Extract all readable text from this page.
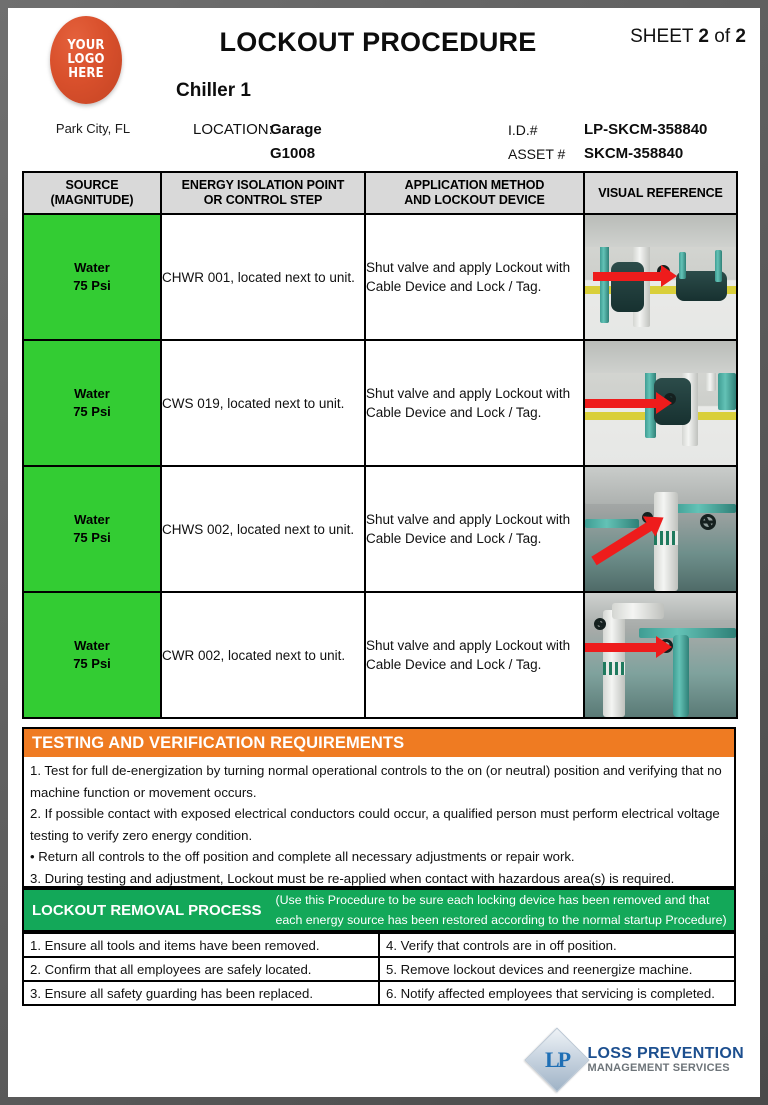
YOUR
LOGO
HERE
Park City, FL
LOCKOUT PROCEDURE	SHEET 2 of 2
Chiller 1
LOCATION:
Garage
G1008
I.D.#	LP-SKCM-358840
ASSET # SKCM-358840
SOURCE
(MAGNITUDE)

ENERGY ISOLATION POINT
OR CONTROL STEP

APPLICATION METHOD
AND LOCKOUT DEVICE

VISUAL REFERENCE

Water
75 Psi	CHWR 001, located next to unit.	Shut valve and apply Lockout with Cable Device and Lock / Tag.	

Water
75 Psi	CWS 019, located next to unit.	Shut valve and apply Lockout with Cable Device and Lock / Tag.	

Water
75 Psi	CHWS 002, located next to unit.	Shut valve and apply Lockout with Cable Device and Lock / Tag.	

Water
75 Psi	CWR 002, located next to unit.	Shut valve and apply Lockout with Cable Device and Lock / Tag.	
TESTING AND VERIFICATION REQUIREMENTS

1. Test for full de-energization by turning normal operational controls to the on (or neutral) position and verifying that no machine function or movement occurs.

2. If possible contact with exposed electrical conductors could occur, a qualified person must perform electrical voltage testing to verify zero energy condition.

• Return all controls to the off position and complete all necessary adjustments or repair work.

3. During testing and adjustment, Lockout must be re-applied when contact with hazardous area(s) is required.

LOCKOUT REMOVAL PROCESS
(Use this Procedure to be sure each locking device has been removed and that each energy source has been restored according to the normal startup Procedure)
1. Ensure all tools and items have been removed.	4. Verify that controls are in off position.
2. Confirm that all employees are safely located.	5. Remove lockout devices and reenergize machine.
3. Ensure all safety guarding has been replaced.	6. Notify affected employees that servicing is completed.
LP LOSS PREVENTION
MANAGEMENT SERVICES
